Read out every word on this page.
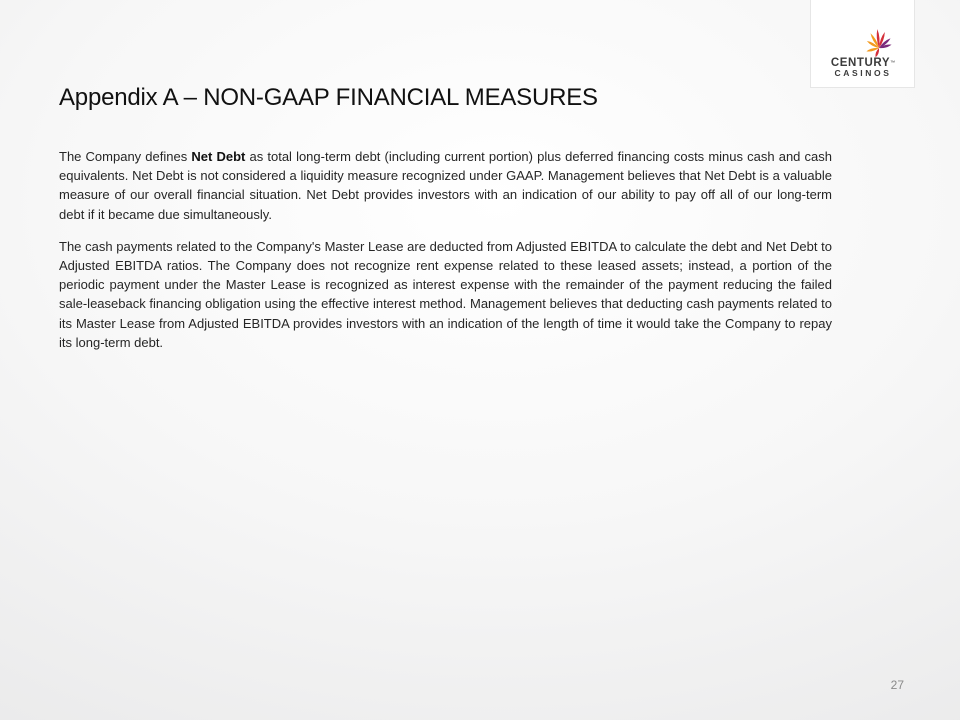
CENTURY™
CASINOS
Appendix A – NON-GAAP FINANCIAL MEASURES

The Company defines Net Debt as total long-term debt (including current portion) plus deferred financing costs minus cash and cash equivalents. Net Debt is not considered a liquidity measure recognized under GAAP. Management believes that Net Debt is a valuable measure of our overall financial situation. Net Debt provides investors with an indication of our ability to pay off all of our long-term debt if it became due simultaneously.

The cash payments related to the Company's Master Lease are deducted from Adjusted EBITDA to calculate the debt and Net Debt to Adjusted EBITDA ratios. The Company does not recognize rent expense related to these leased assets; instead, a portion of the periodic payment under the Master Lease is recognized as interest expense with the remainder of the payment reducing the failed sale-leaseback financing obligation using the effective interest method. Management believes that deducting cash payments related to its Master Lease from Adjusted EBITDA provides investors with an indication of the length of time it would take the Company to repay its long-term debt.

27
